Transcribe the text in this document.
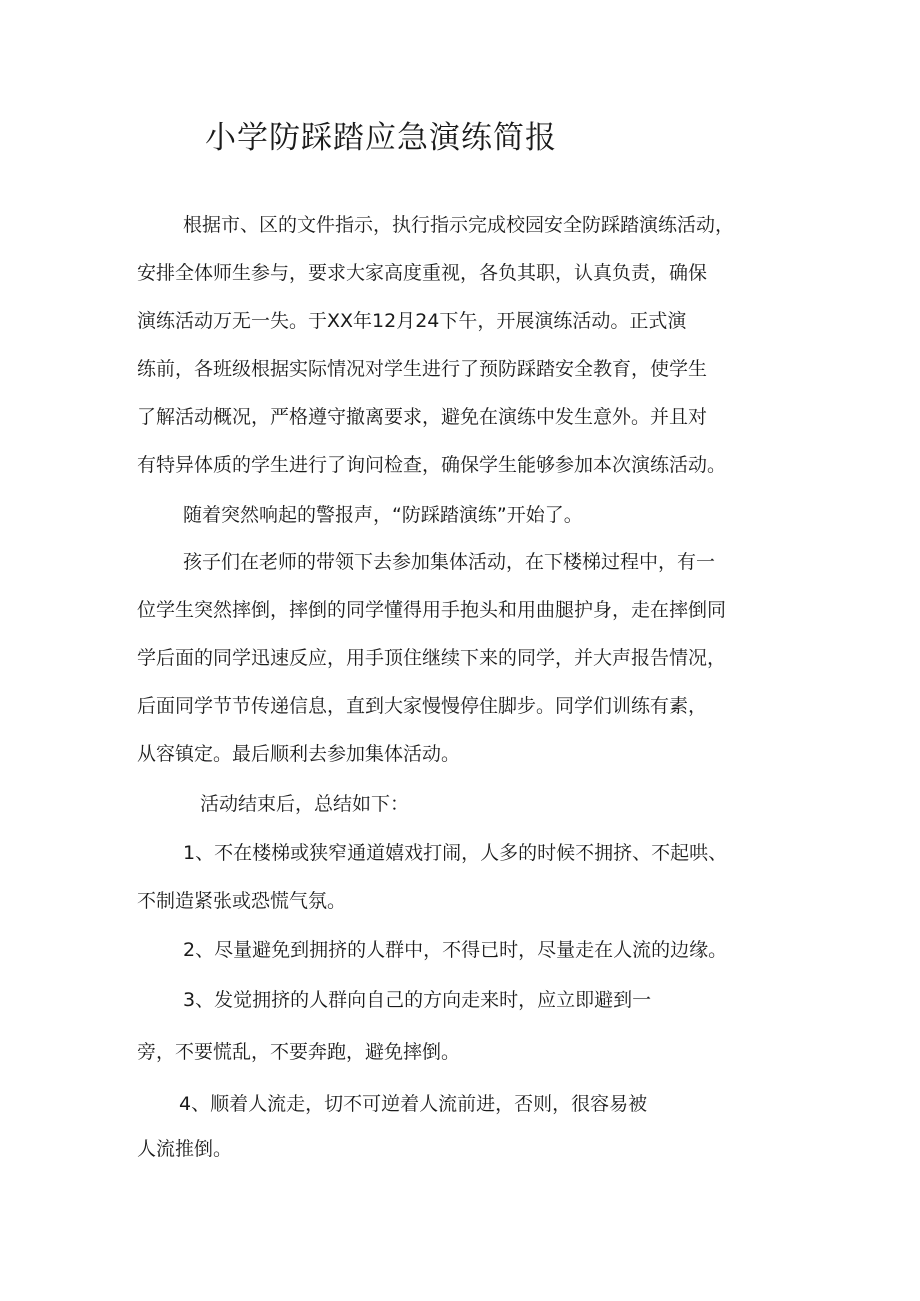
小学防踩踏应急演练简报

根据市、区的文件指示，执行指示完成校园安全防踩踏演练活动，

安排全体师生参与，要求大家高度重视，各负其职，认真负责，确保

演练活动万无一失。于XX年12月24下午，开展演练活动。正式演

练前，各班级根据实际情况对学生进行了预防踩踏安全教育，使学生

了解活动概况，严格遵守撤离要求，避免在演练中发生意外。并且对

有特异体质的学生进行了询问检查，确保学生能够参加本次演练活动。

随着突然响起的警报声，“防踩踏演练”开始了。

孩子们在老师的带领下去参加集体活动，在下楼梯过程中，有一

位学生突然摔倒，摔倒的同学懂得用手抱头和用曲腿护身，走在摔倒同

学后面的同学迅速反应，用手顶住继续下来的同学，并大声报告情况，

后面同学节节传递信息，直到大家慢慢停住脚步。同学们训练有素，

从容镇定。最后顺利去参加集体活动。

活动结束后，总结如下：

1、不在楼梯或狭窄通道嬉戏打闹，人多的时候不拥挤、不起哄、

不制造紧张或恐慌气氛。

2、尽量避免到拥挤的人群中，不得已时，尽量走在人流的边缘。

3、发觉拥挤的人群向自己的方向走来时，应立即避到一

旁，不要慌乱，不要奔跑，避免摔倒。

4、顺着人流走，切不可逆着人流前进，否则，很容易被

人流推倒。
